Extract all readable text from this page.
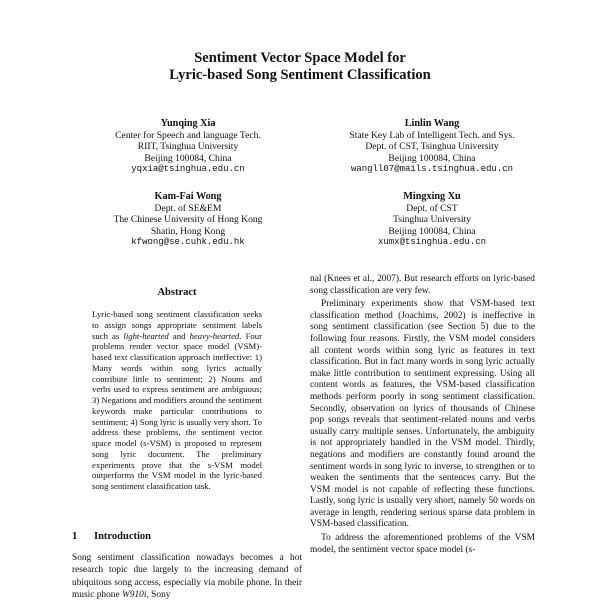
Sentiment Vector Space Model for
Lyric-based Song Sentiment Classification
Yunqing Xia
Center for Speech and language Tech.
RIIT, Tsinghua University
Beijing 100084, China
yqxia@tsinghua.edu.cn
Linlin Wang
State Key Lab of Intelligent Tech. and Sys.
Dept. of CST, Tsinghua University
Beijing 100084, China
wangll07@mails.tsinghua.edu.cn
Kam-Fai Wong
Dept. of SE&EM
The Chinese University of Hong Kong
Shatin, Hong Kong
kfwong@se.cuhk.edu.hk
Mingxing Xu
Dept. of CST
Tsinghua University
Beijing 100084, China
xumx@tsinghua.edu.cn
Abstract
Lyric-based song sentiment classification seeks to assign songs appropriate sentiment labels such as light-hearted and heavy-hearted. Four problems render vector space model (VSM)-based text classification approach ineffective: 1) Many words within song lyrics actually contribute little to sentiment; 2) Nouns and verbs used to express sentiment are ambiguous; 3) Negations and modifiers around the sentiment keywords make particular contributions to sentiment; 4) Song lyric is usually very short. To address these problems, the sentiment vector space model (s-VSM) is proposed to represent song lyric document. The preliminary experiments prove that the s-VSM model outperforms the VSM model in the lyric-based song sentiment classification task.
1 Introduction
Song sentiment classification nowadays becomes a hot research topic due largely to the increasing demand of ubiquitous song access, especially via mobile phone. In their music phone W910i, Sony

nal (Knees et al., 2007). But research efforts on lyric-based song classification are very few.

Preliminary experiments show that VSM-based text classification method (Joachims, 2002) is ineffective in song sentiment classification (see Section 5) due to the following four reasons. Firstly, the VSM model considers all content words within song lyric as features in text classification. But in fact many words in song lyric actually make little contribution to sentiment expressing. Using all content words as features, the VSM-based classification methods perform poorly in song sentiment classification. Secondly, observation on lyrics of thousands of Chinese pop songs reveals that sentiment-related nouns and verbs usually carry multiple senses. Unfortunately, the ambiguity is not appropriately handled in the VSM model. Thirdly, negations and modifiers are constantly found around the sentiment words in song lyric to inverse, to strengthen or to weaken the sentiments that the sentences carry. But the VSM model is not capable of reflecting these functions. Lastly, song lyric is usually very short, namely 50 words on average in length, rendering serious sparse data problem in VSM-based classification.

To address the aforementioned problems of the VSM model, the sentiment vector space model (s-
